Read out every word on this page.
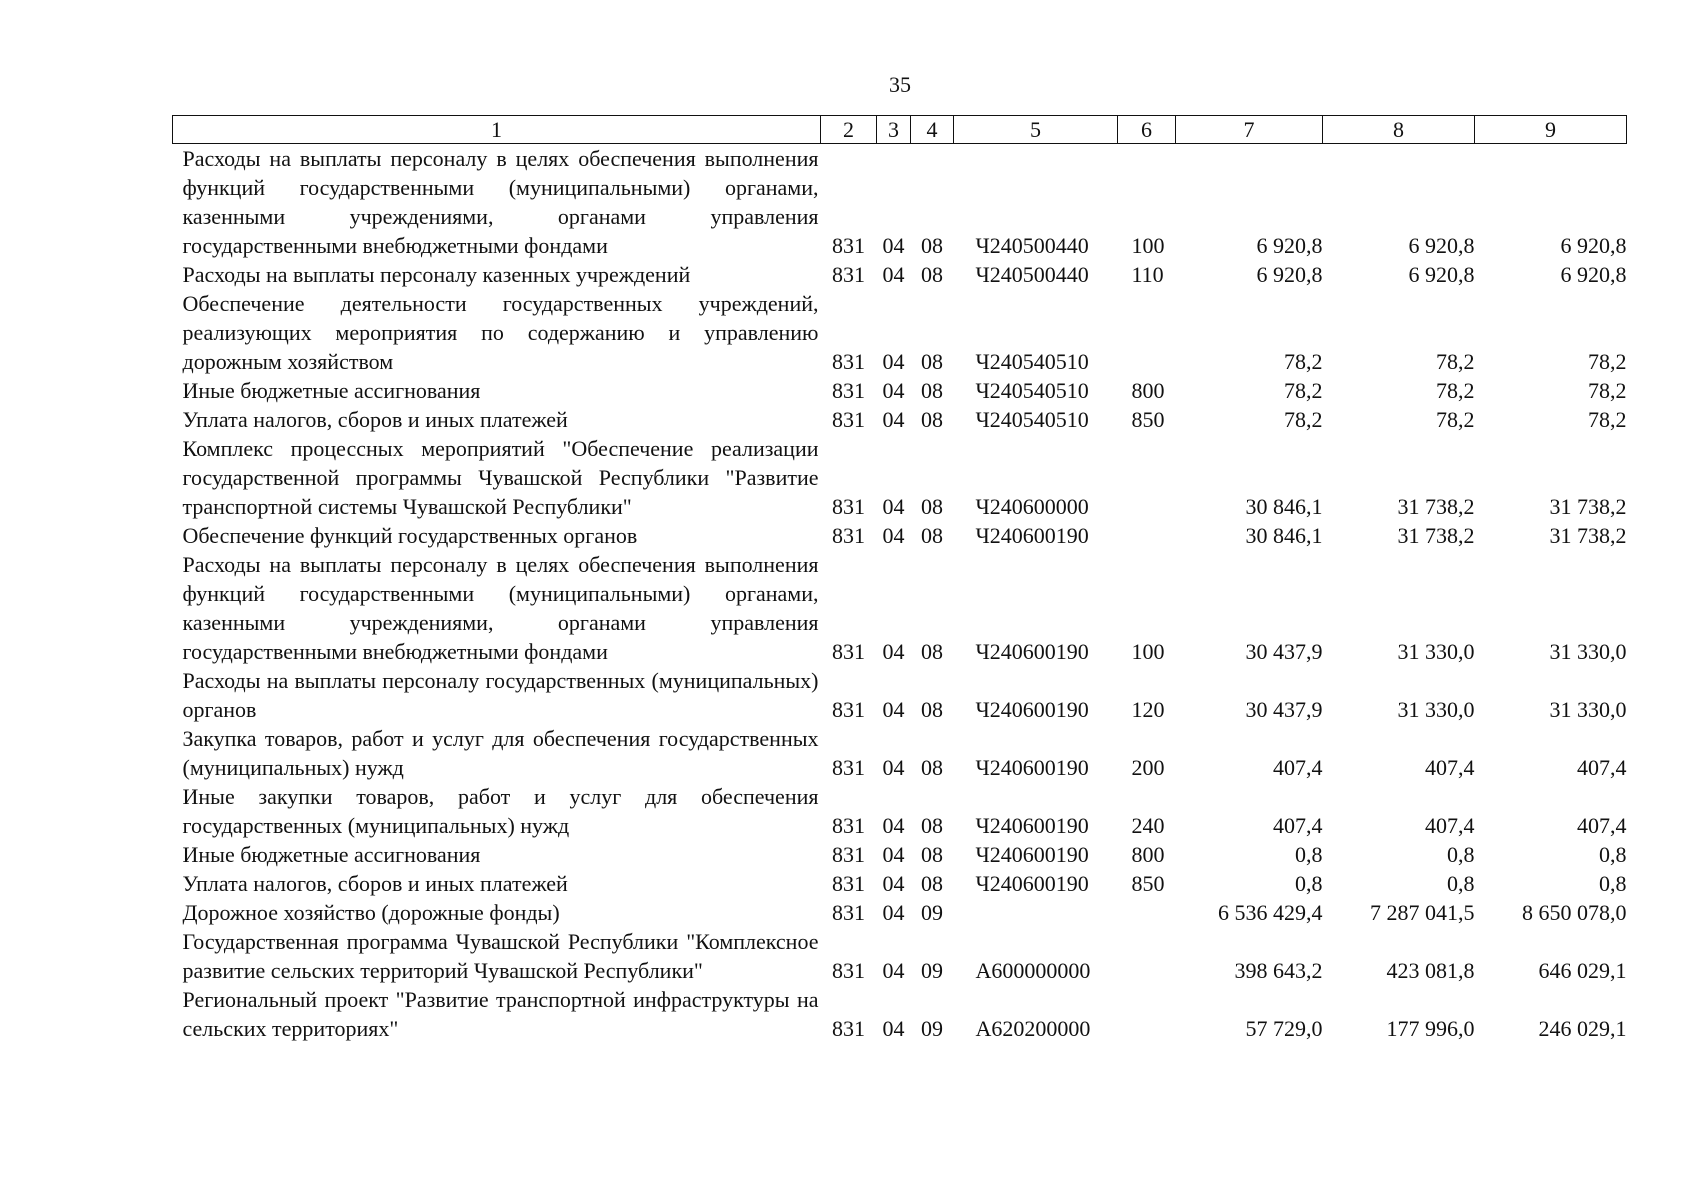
35
1	2	3	4	5	6	7	8	9
Расходы на выплаты персоналу в целях обеспечения выполнения функций государственными (муниципальными) органами, казенными учреждениями, органами управления государственными внебюджетными фондами	831	04	08	Ч240500440	100	6 920,8	6 920,8	6 920,8
Расходы на выплаты персоналу казенных учреждений	831	04	08	Ч240500440	110	6 920,8	6 920,8	6 920,8
Обеспечение деятельности государственных учреждений, реализующих мероприятия по содержанию и управлению дорожным хозяйством	831	04	08	Ч240540510		78,2	78,2	78,2
Иные бюджетные ассигнования	831	04	08	Ч240540510	800	78,2	78,2	78,2
Уплата налогов, сборов и иных платежей	831	04	08	Ч240540510	850	78,2	78,2	78,2
Комплекс процессных мероприятий "Обеспечение реализации государственной программы Чувашской Республики "Развитие транспортной системы Чувашской Республики"	831	04	08	Ч240600000		30 846,1	31 738,2	31 738,2
Обеспечение функций государственных органов	831	04	08	Ч240600190		30 846,1	31 738,2	31 738,2
Расходы на выплаты персоналу в целях обеспечения выполнения функций государственными (муниципальными) органами, казенными учреждениями, органами управления государственными внебюджетными фондами	831	04	08	Ч240600190	100	30 437,9	31 330,0	31 330,0
Расходы на выплаты персоналу государственных (муниципальных) органов	831	04	08	Ч240600190	120	30 437,9	31 330,0	31 330,0
Закупка товаров, работ и услуг для обеспечения государственных (муниципальных) нужд	831	04	08	Ч240600190	200	407,4	407,4	407,4
Иные закупки товаров, работ и услуг для обеспечения государственных (муниципальных) нужд	831	04	08	Ч240600190	240	407,4	407,4	407,4
Иные бюджетные ассигнования	831	04	08	Ч240600190	800	0,8	0,8	0,8
Уплата налогов, сборов и иных платежей	831	04	08	Ч240600190	850	0,8	0,8	0,8
Дорожное хозяйство (дорожные фонды)	831	04	09			6 536 429,4	7 287 041,5	8 650 078,0
Государственная программа Чувашской Республики "Комплексное развитие сельских территорий Чувашской Республики"	831	04	09	А600000000		398 643,2	423 081,8	646 029,1
Региональный проект "Развитие транспортной инфраструктуры на сельских территориях"	831	04	09	А620200000		57 729,0	177 996,0	246 029,1
